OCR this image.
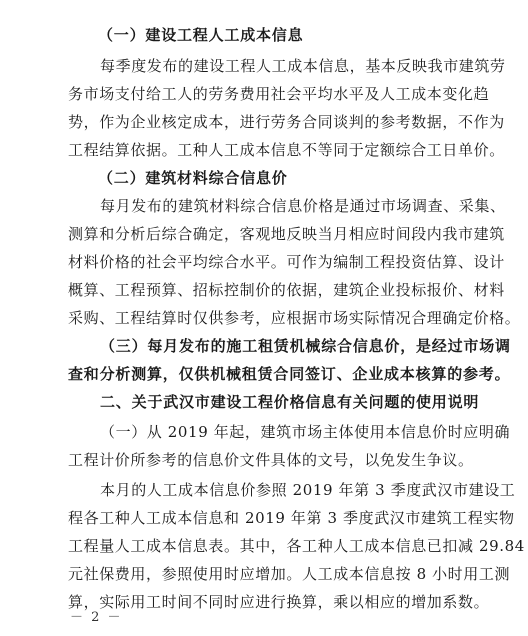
（一）建设工程人工成本信息
每季度发布的建设工程人工成本信息，基本反映我市建筑劳
务市场支付给工人的劳务费用社会平均水平及人工成本变化趋
势，作为企业核定成本，进行劳务合同谈判的参考数据，不作为
工程结算依据。工种人工成本信息不等同于定额综合工日单价。
（二）建筑材料综合信息价
每月发布的建筑材料综合信息价格是通过市场调查、采集、
测算和分析后综合确定，客观地反映当月相应时间段内我市建筑
材料价格的社会平均综合水平。可作为编制工程投资估算、设计
概算、工程预算、招标控制价的依据，建筑企业投标报价、材料
采购、工程结算时仅供参考，应根据市场实际情况合理确定价格。
（三）每月发布的施工租赁机械综合信息价，是经过市场调
查和分析测算，仅供机械租赁合同签订、企业成本核算的参考。
二、关于武汉市建设工程价格信息有关问题的使用说明
（一）从 2019 年起，建筑市场主体使用本信息价时应明确
工程计价所参考的信息价文件具体的文号，以免发生争议。
本月的人工成本信息价参照 2019 年第 3 季度武汉市建设工
程各工种人工成本信息和 2019 年第 3 季度武汉市建筑工程实物
工程量人工成本信息表。其中，各工种人工成本信息已扣减 29.84
元社保费用，参照使用时应增加。人工成本信息按 8 小时用工测
算，实际用工时间不同时应进行换算，乘以相应的增加系数。
－ 2 －
